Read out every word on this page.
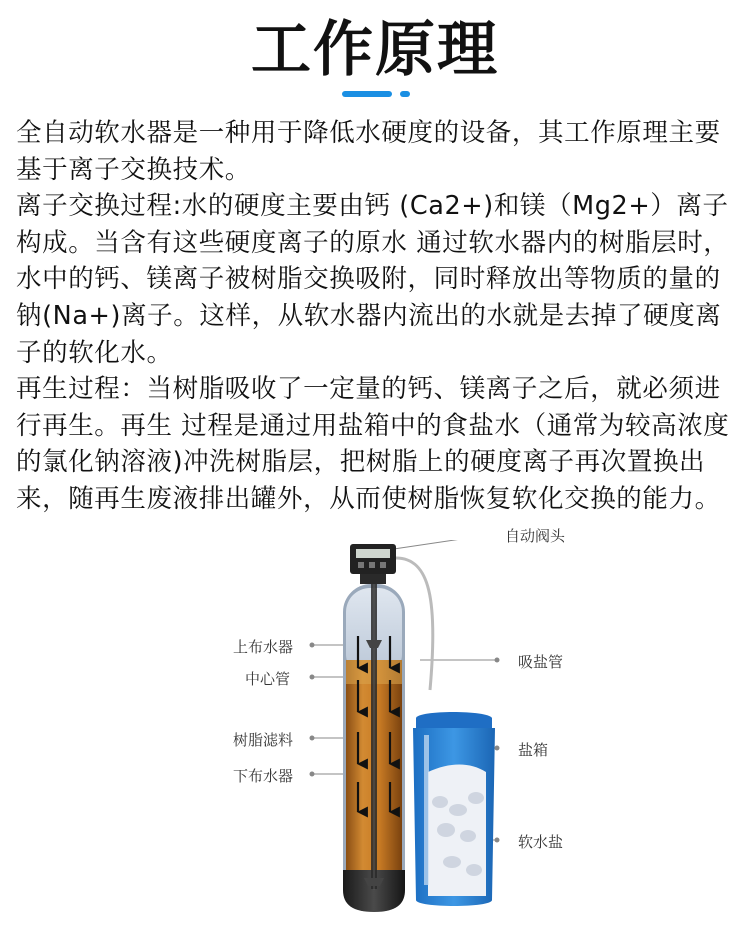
工作原理

全自动软水器是一种用于降低水硬度的设备，其工作原理主要基于离子交换技术。

离子交换过程:水的硬度主要由钙 (Ca2+)和镁（Mg2+）离子构成。当含有这些硬度离子的原水 通过软水器内的树脂层时，水中的钙、镁离子被树脂交换吸附，同时释放出等物质的量的钠(Na+)离子。这样，从软水器内流出的水就是去掉了硬度离子的软化水。

再生过程：当树脂吸收了一定量的钙、镁离子之后，就必须进行再生。再生 过程是通过用盐箱中的食盐水（通常为较高浓度的氯化钠溶液)冲洗树脂层，把树脂上的硬度离子再次置换出来，随再生废液排出罐外，从而使树脂恢复软化交换的能力。

自动阀头
上布水器
中心管
树脂滤料
下布水器
吸盐管
盐箱
软水盐
